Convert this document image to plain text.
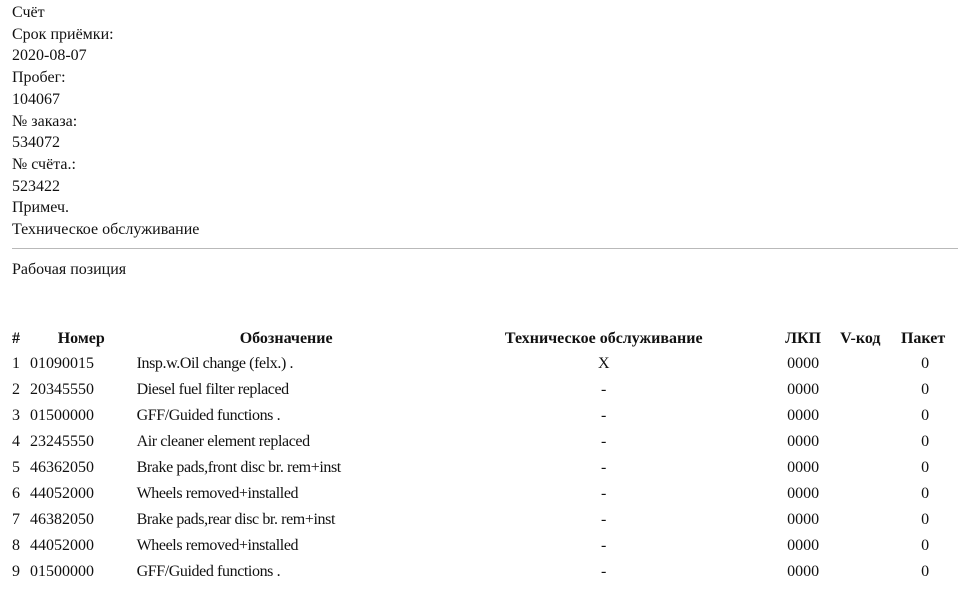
Счёт
Срок приёмки:
2020-08-07
Пробег:
104067
№ заказа:
534072
№ счёта.:
523422
Примеч.
Техническое обслуживание
Рабочая позиция
#	Номер	Обозначение	Техническое обслуживание	ЛКП	V-код	Пакет
1	01090015	Insp.w.Oil change (felx.) .	X	0000		0
2	20345550	Diesel fuel filter replaced	-	0000		0
3	01500000	GFF/Guided functions .	-	0000		0
4	23245550	Air cleaner element replaced	-	0000		0
5	46362050	Brake pads,front disc br. rem+inst	-	0000		0
6	44052000	Wheels removed+installed	-	0000		0
7	46382050	Brake pads,rear disc br. rem+inst	-	0000		0
8	44052000	Wheels removed+installed	-	0000		0
9	01500000	GFF/Guided functions .	-	0000		0
